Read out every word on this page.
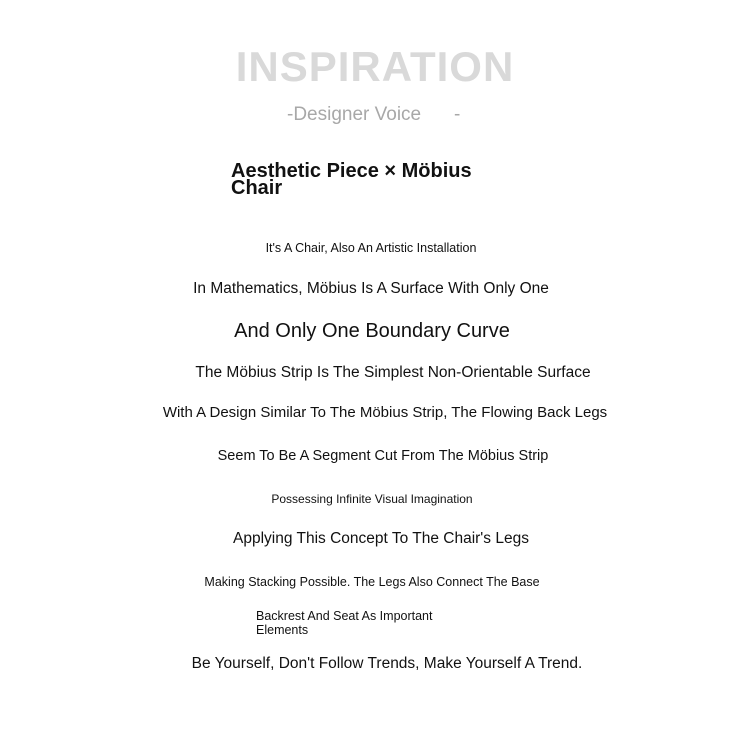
INSPIRATION
-Designer Voice -
Aesthetic Piece × Möbius Chair
It's A Chair, Also An Artistic Installation
In Mathematics, Möbius Is A Surface With Only One
And Only One Boundary Curve
The Möbius Strip Is The Simplest Non-Orientable Surface
With A Design Similar To The Möbius Strip, The Flowing Back Legs
Seem To Be A Segment Cut From The Möbius Strip
Possessing Infinite Visual Imagination
Applying This Concept To The Chair's Legs
Making Stacking Possible. The Legs Also Connect The Base
Backrest And Seat As Important Elements
Be Yourself, Don't Follow Trends, Make Yourself A Trend.
